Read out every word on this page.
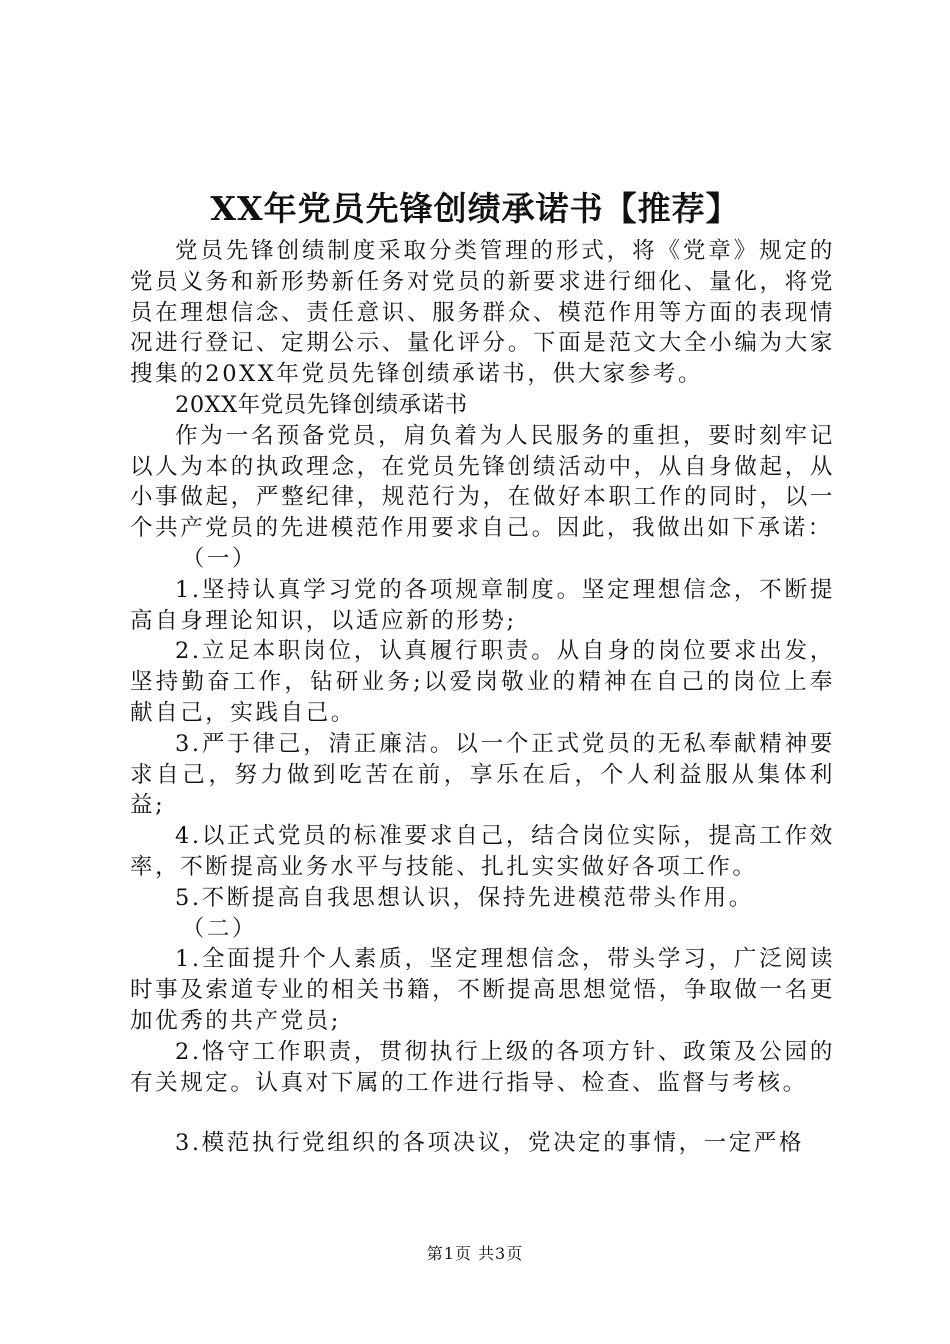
XX年党员先锋创绩承诺书【推荐】

党员先锋创绩制度采取分类管理的形式，将《党章》规定的党员义务和新形势新任务对党员的新要求进行细化、量化，将党员在理想信念、责任意识、服务群众、模范作用等方面的表现情况进行登记、定期公示、量化评分。下面是范文大全小编为大家搜集的20XX年党员先锋创绩承诺书，供大家参考。

20XX年党员先锋创绩承诺书

作为一名预备党员，肩负着为人民服务的重担，要时刻牢记以人为本的执政理念，在党员先锋创绩活动中，从自身做起，从小事做起，严整纪律，规范行为，在做好本职工作的同时，以一个共产党员的先进模范作用要求自己。因此，我做出如下承诺：

（一）

1.坚持认真学习党的各项规章制度。坚定理想信念，不断提高自身理论知识，以适应新的形势;

2.立足本职岗位，认真履行职责。从自身的岗位要求出发，坚持勤奋工作，钻研业务;以爱岗敬业的精神在自己的岗位上奉献自己，实践自己。

3.严于律己，清正廉洁。以一个正式党员的无私奉献精神要求自己，努力做到吃苦在前，享乐在后，个人利益服从集体利益;

4.以正式党员的标准要求自己，结合岗位实际，提高工作效率，不断提高业务水平与技能、扎扎实实做好各项工作。

5.不断提高自我思想认识，保持先进模范带头作用。

（二）

1.全面提升个人素质，坚定理想信念，带头学习，广泛阅读时事及索道专业的相关书籍，不断提高思想觉悟，争取做一名更加优秀的共产党员;

2.恪守工作职责，贯彻执行上级的各项方针、政策及公园的有关规定。认真对下属的工作进行指导、检查、监督与考核。

3.模范执行党组织的各项决议，党决定的事情，一定严格

第1页 共3页
